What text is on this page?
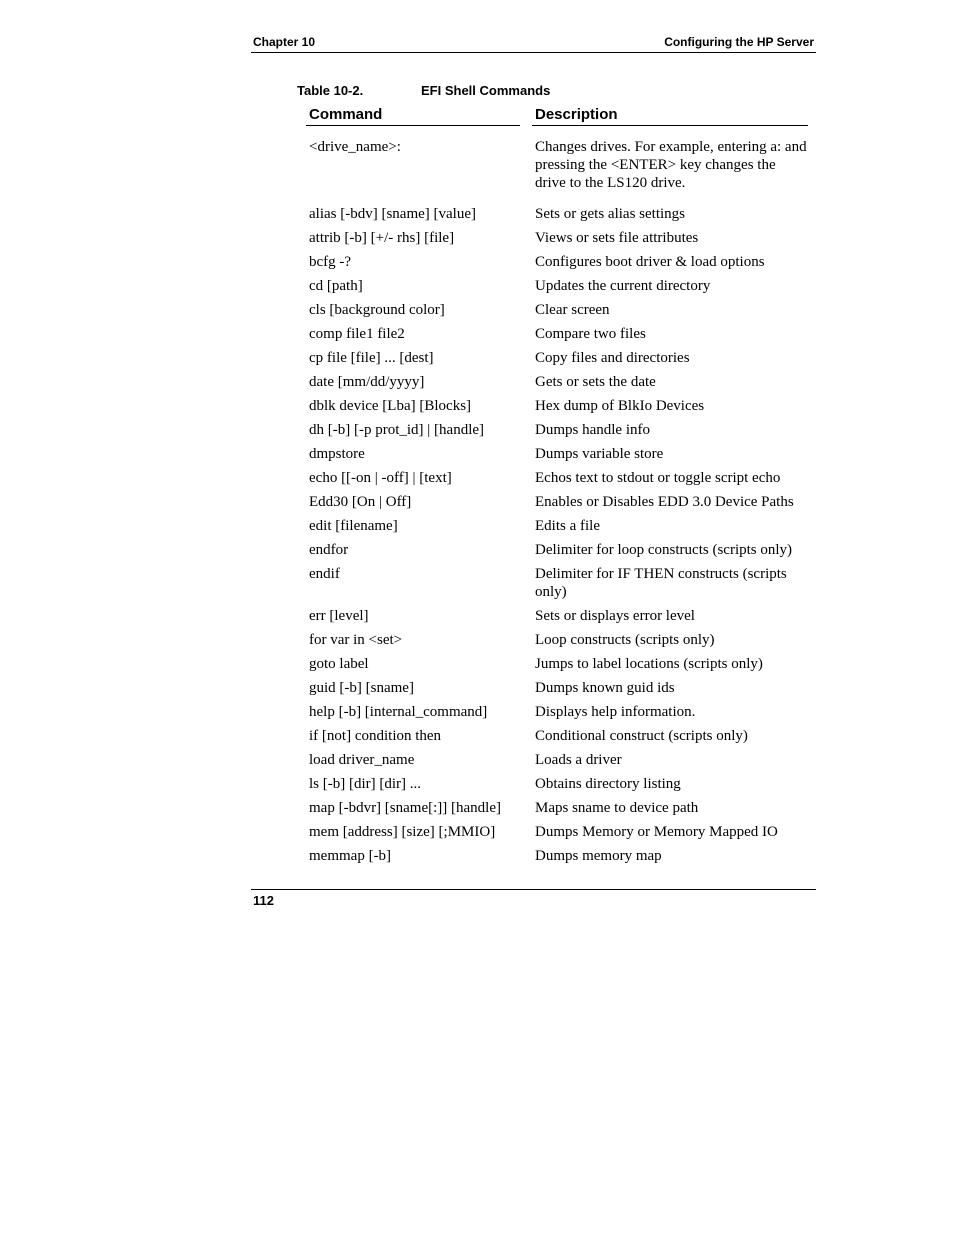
Chapter 10	Configuring the HP Server
Table 10-2.	EFI Shell Commands
Command	Description
<drive_name>:	Changes drives. For example, entering a: and pressing the <ENTER> key changes the drive to the LS120 drive.
alias [-bdv] [sname] [value]	Sets or gets alias settings
attrib [-b] [+/- rhs] [file]	Views or sets file attributes
bcfg -?	Configures boot driver & load options
cd [path]	Updates the current directory
cls [background color]	Clear screen
comp file1 file2	Compare two files
cp file [file] ... [dest]	Copy files and directories
date [mm/dd/yyyy]	Gets or sets the date
dblk device [Lba] [Blocks]	Hex dump of BlkIo Devices
dh [-b] [-p prot_id] | [handle]	Dumps handle info
dmpstore	Dumps variable store
echo [[-on | -off] | [text]	Echos text to stdout or toggle script echo
Edd30 [On | Off]	Enables or Disables EDD 3.0 Device Paths
edit [filename]	Edits a file
endfor	Delimiter for loop constructs (scripts only)
endif	Delimiter for IF THEN constructs (scripts only)
err [level]	Sets or displays error level
for var in <set>	Loop constructs (scripts only)
goto label	Jumps to label locations (scripts only)
guid [-b] [sname]	Dumps known guid ids
help [-b] [internal_command]	Displays help information.
if [not] condition then	Conditional construct (scripts only)
load driver_name	Loads a driver
ls [-b] [dir] [dir] ...	Obtains directory listing
map [-bdvr] [sname[:]] [handle]	Maps sname to device path
mem [address] [size] [;MMIO]	Dumps Memory or Memory Mapped IO
memmap [-b]	Dumps memory map
112
